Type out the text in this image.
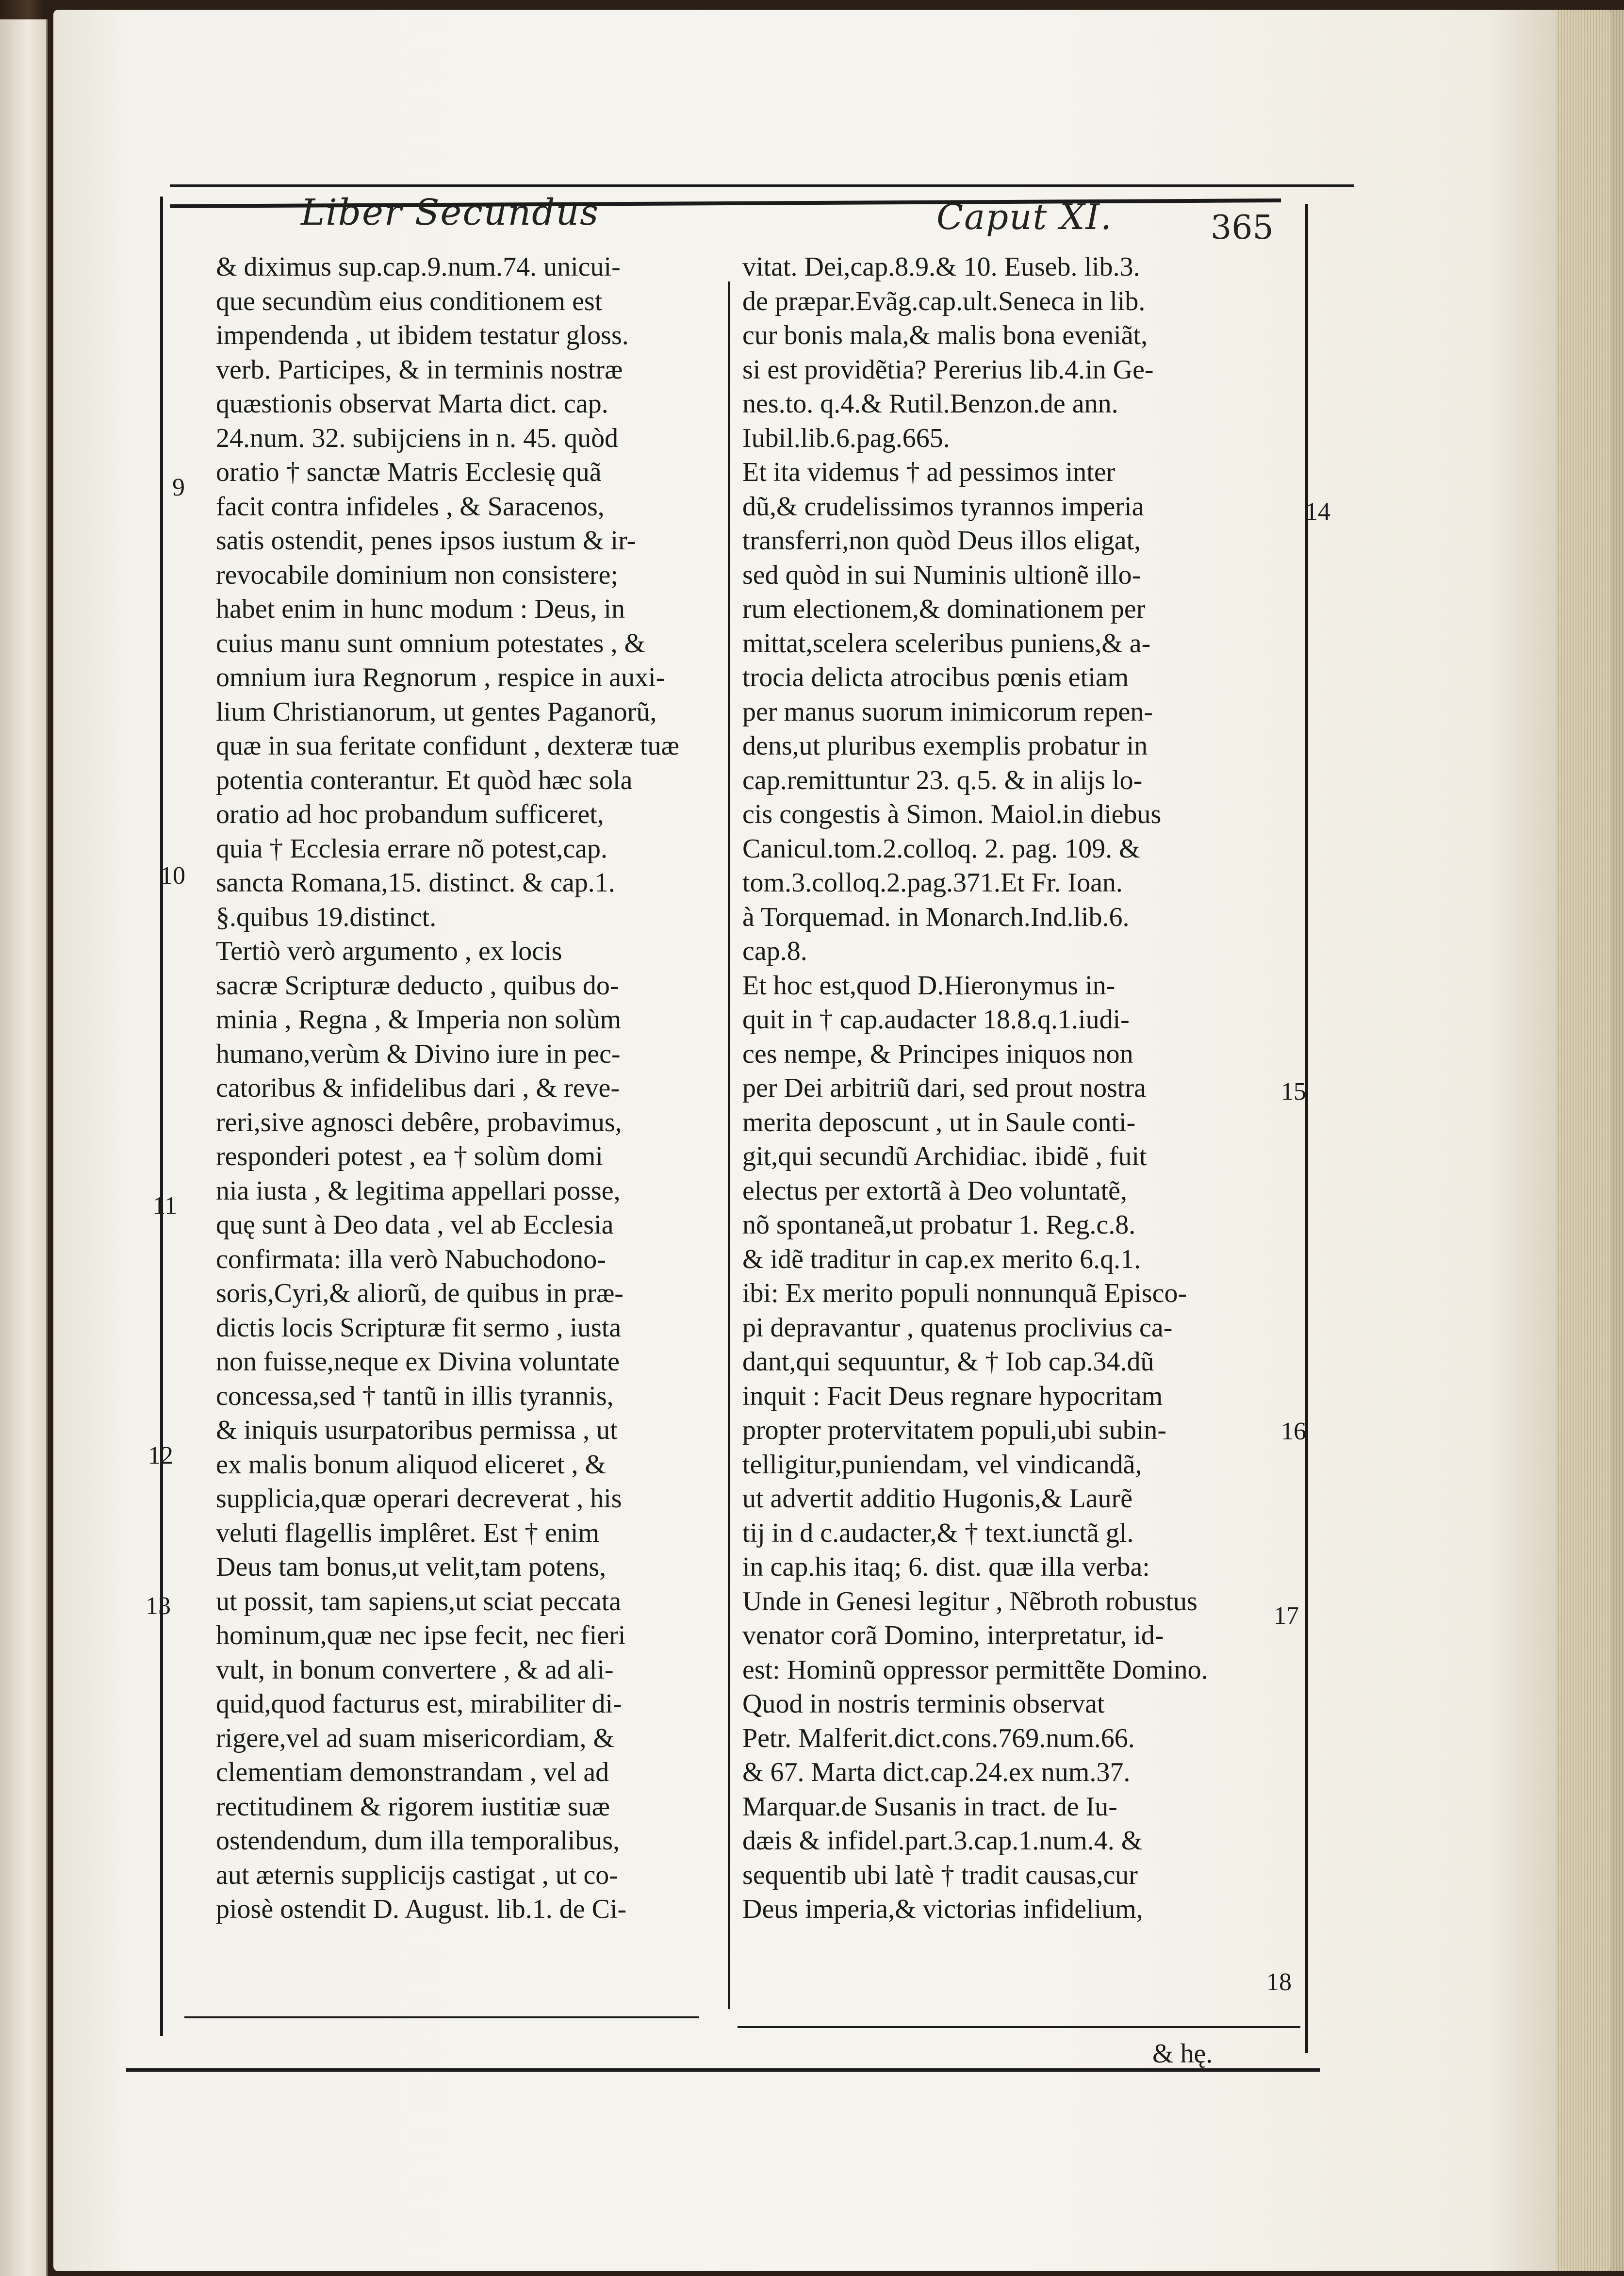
Liber Secundus	Caput XI.	365
& diximus sup.cap.9.num.74. unicui-
que secundùm eius conditionem est
impendenda , ut ibidem testatur gloss.
verb. Participes, & in terminis nostræ
quæstionis observat Marta dict. cap.
24.num. 32. subijciens in n. 45. quòd
oratio † sanctæ Matris Ecclesię quã
facit contra infideles , & Saracenos,
satis ostendit, penes ipsos iustum & ir-
revocabile dominium non consistere;
habet enim in hunc modum : Deus, in
cuius manu sunt omnium potestates , &
omnium iura Regnorum , respice in auxi-
lium Christianorum, ut gentes Paganorũ,
quæ in sua feritate confidunt , dexteræ tuæ
potentia conterantur. Et quòd hæc sola
oratio ad hoc probandum sufficeret,
quia † Ecclesia errare nõ potest,cap.
sancta Romana,15. distinct. & cap.1.
§.quibus 19.distinct.
Tertiò verò argumento , ex locis
sacræ Scripturæ deducto , quibus do-
minia , Regna , & Imperia non solùm
humano,verùm & Divino iure in pec-
catoribus & infidelibus dari , & reve-
reri,sive agnosci debêre, probavimus,
responderi potest , ea † solùm domi
nia iusta , & legitima appellari posse,
quę sunt à Deo data , vel ab Ecclesia
confirmata: illa verò Nabuchodono-
soris,Cyri,& aliorũ, de quibus in præ-
dictis locis Scripturæ fit sermo , iusta
non fuisse,neque ex Divina voluntate
concessa,sed † tantũ in illis tyrannis,
& iniquis usurpatoribus permissa , ut
ex malis bonum aliquod eliceret , &
supplicia,quæ operari decreverat , his
veluti flagellis implêret. Est † enim
Deus tam bonus,ut velit,tam potens,
ut possit, tam sapiens,ut sciat peccata
hominum,quæ nec ipse fecit, nec fieri
vult, in bonum convertere , & ad ali-
quid,quod facturus est, mirabiliter di-
rigere,vel ad suam misericordiam, &
clementiam demonstrandam , vel ad
rectitudinem & rigorem iustitiæ suæ
ostendendum, dum illa temporalibus,
aut æternis supplicijs castigat , ut co-
piosè ostendit D. August. lib.1. de Ci-
vitat. Dei,cap.8.9.& 10. Euseb. lib.3.
de præpar.Evãg.cap.ult.Seneca in lib.
cur bonis mala,& malis bona eveniãt,
si est providẽtia? Pererius lib.4.in Ge-
nes.to. q.4.& Rutil.Benzon.de ann.
Iubil.lib.6.pag.665.
Et ita videmus † ad pessimos inter
dũ,& crudelissimos tyrannos imperia
transferri,non quòd Deus illos eligat,
sed quòd in sui Numinis ultionẽ illo-
rum electionem,& dominationem per
mittat,scelera sceleribus puniens,& a-
trocia delicta atrocibus pœnis etiam
per manus suorum inimicorum repen-
dens,ut pluribus exemplis probatur in
cap.remittuntur 23. q.5. & in alijs lo-
cis congestis à Simon. Maiol.in diebus
Canicul.tom.2.colloq. 2. pag. 109. &
tom.3.colloq.2.pag.371.Et Fr. Ioan.
à Torquemad. in Monarch.Ind.lib.6.
cap.8.
Et hoc est,quod D.Hieronymus in-
quit in † cap.audacter 18.8.q.1.iudi-
ces nempe, & Principes iniquos non
per Dei arbitriũ dari, sed prout nostra
merita deposcunt , ut in Saule conti-
git,qui secundũ Archidiac. ibidẽ , fuit
electus per extortã à Deo voluntatẽ,
nõ spontaneã,ut probatur 1. Reg.c.8.
& idẽ traditur in cap.ex merito 6.q.1.
ibi: Ex merito populi nonnunquã Episco-
pi depravantur , quatenus proclivius ca-
dant,qui sequuntur, & † Iob cap.34.dũ
inquit : Facit Deus regnare hypocritam
propter protervitatem populi,ubi subin-
telligitur,puniendam, vel vindicandã,
ut advertit additio Hugonis,& Laurẽ
tij in d c.audacter,& † text.iunctã gl.
in cap.his itaq; 6. dist. quæ illa verba:
Unde in Genesi legitur , Nẽbroth robustus
venator corã Domino, interpretatur, id-
est: Hominũ oppressor permittẽte Domino.
Quod in nostris terminis observat
Petr. Malferit.dict.cons.769.num.66.
& 67. Marta dict.cap.24.ex num.37.
Marquar.de Susanis in tract. de Iu-
dæis & infidel.part.3.cap.1.num.4. &
sequentib ubi latè † tradit causas,cur
Deus imperia,& victorias infidelium,
9
10
11
12
13
14
15
16
17
18
& hę.
